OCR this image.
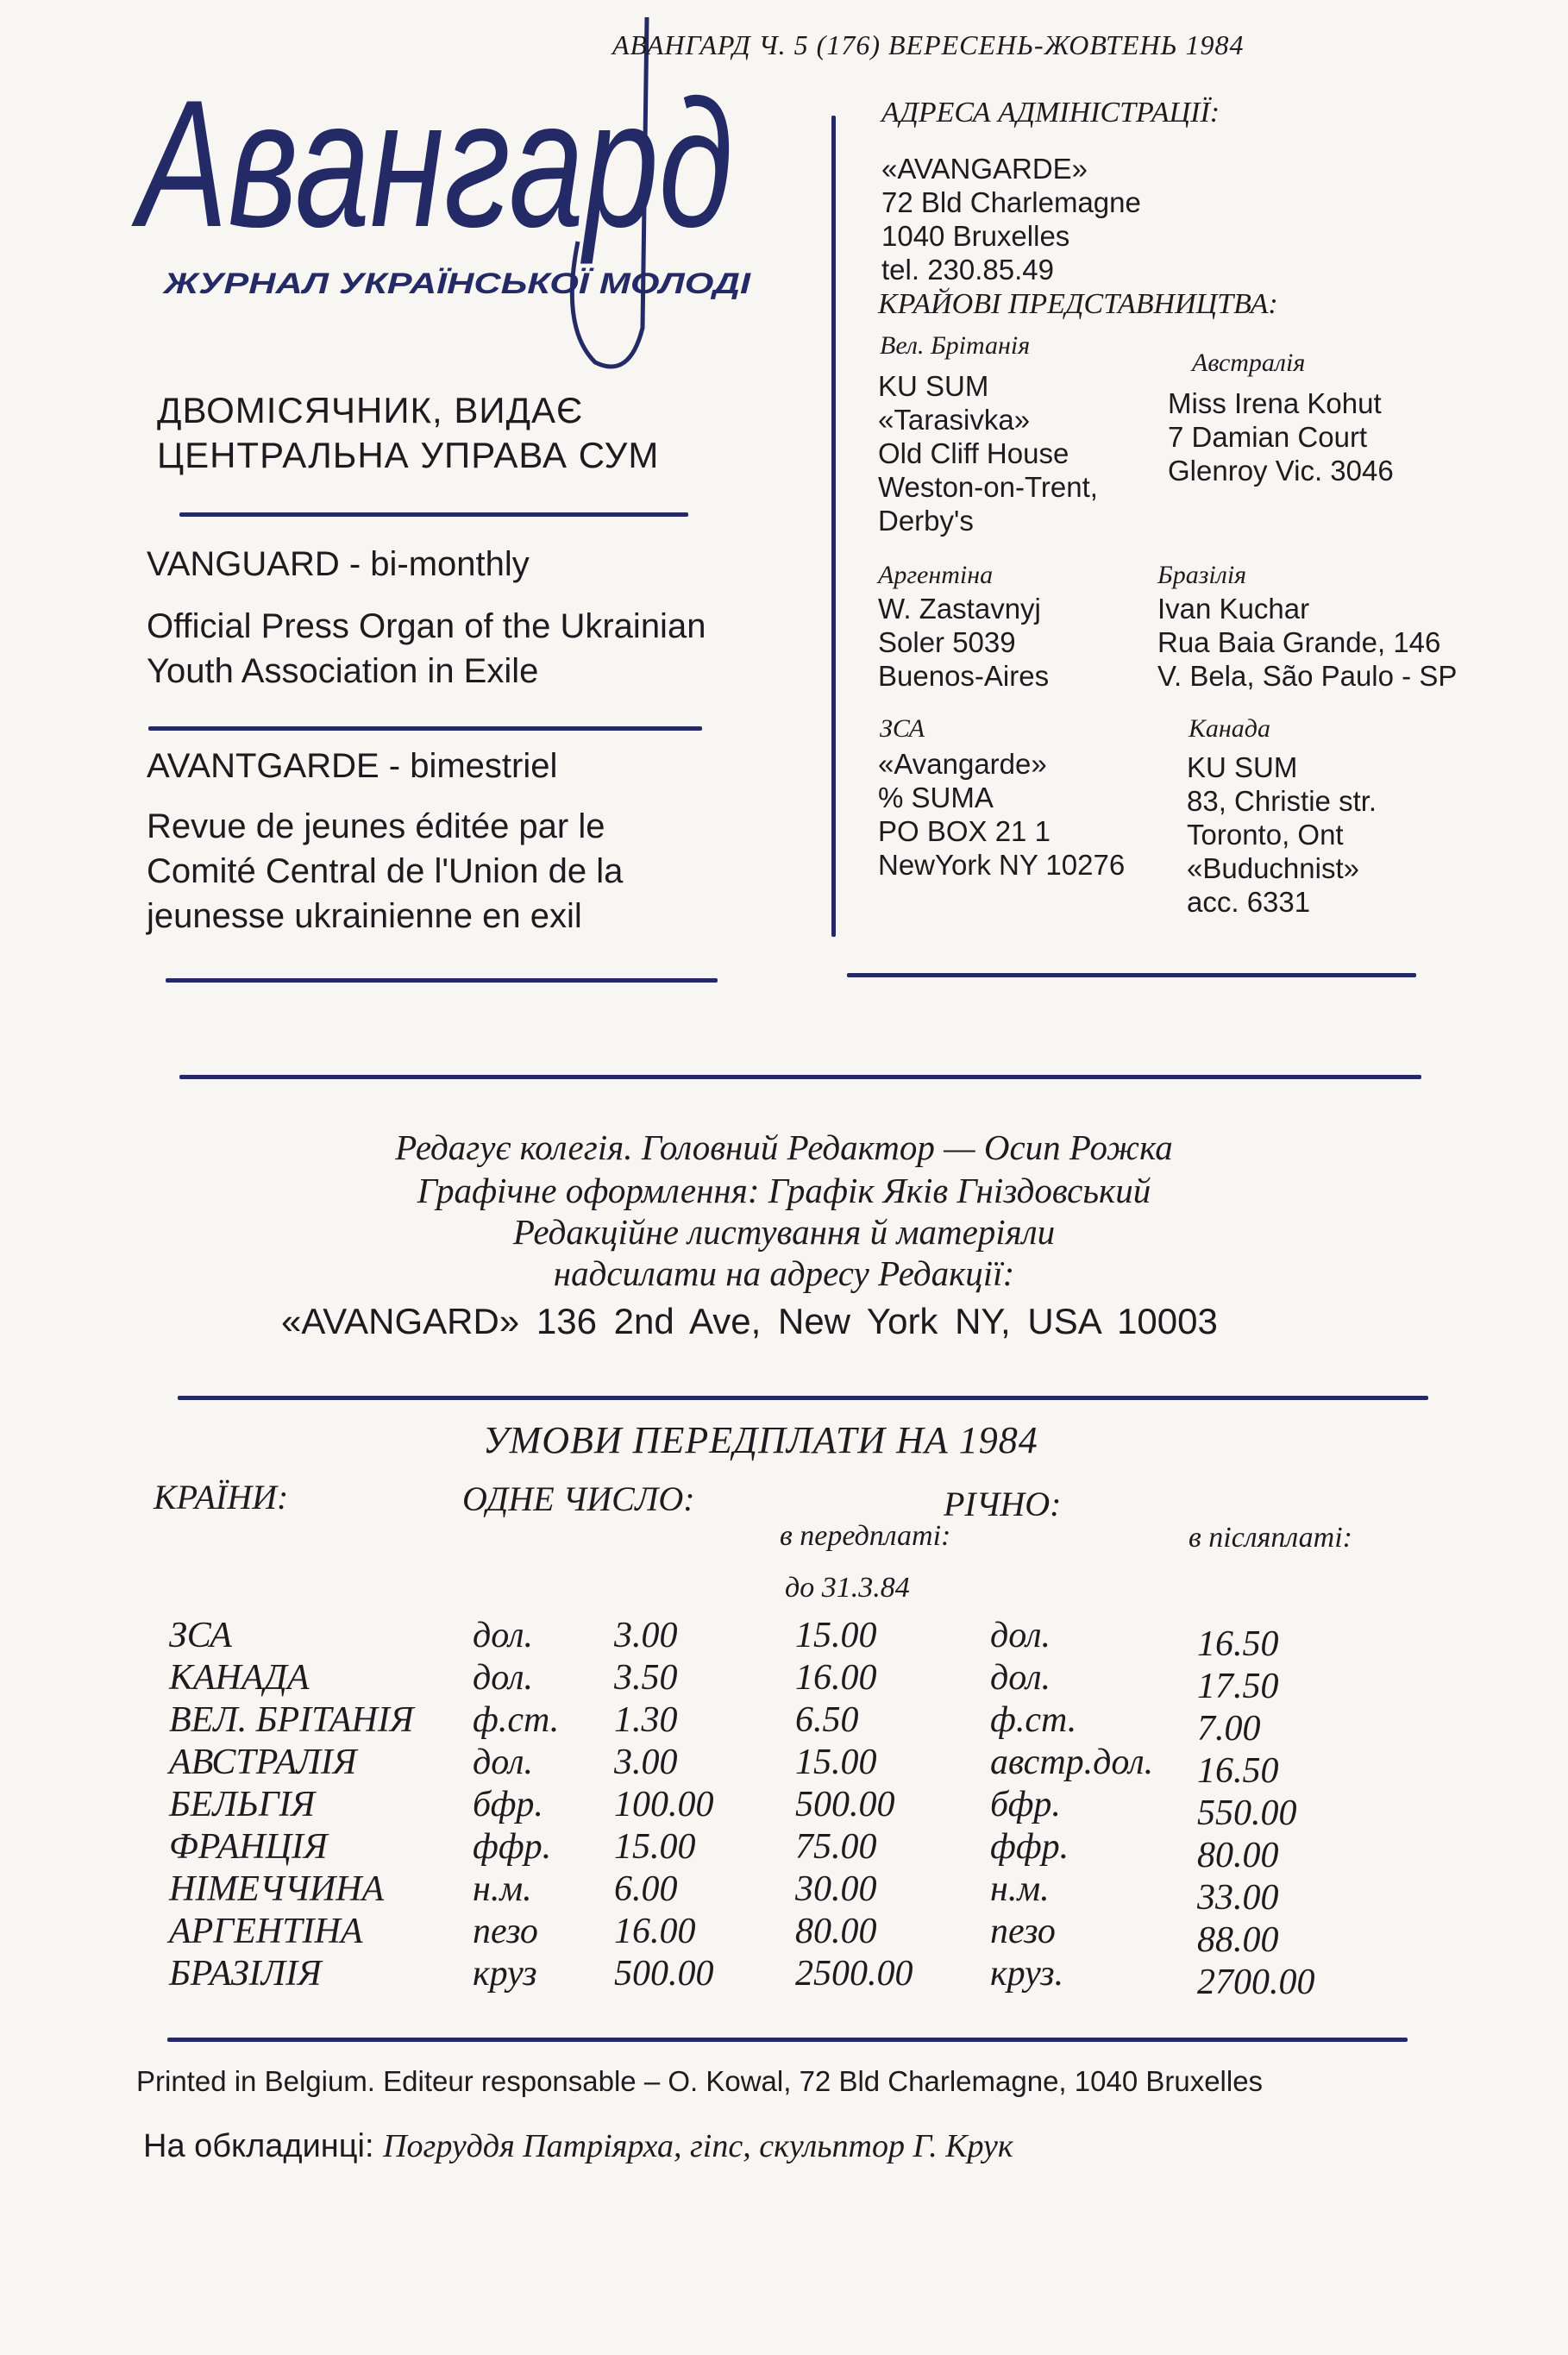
Авангард
ЖУРНАЛ УКРАЇНСЬКОЇ МОЛОДІ
АВАНГАРД Ч. 5 (176) ВЕРЕСЕНЬ-ЖОВТЕНЬ 1984
ДВОМІСЯЧНИК, ВИДАЄ
ЦЕНТРАЛЬНА УПРАВА СУМ
VANGUARD - bi-monthly
Official Press Organ of the Ukrainian
Youth Association in Exile
AVANTGARDE - bimestriel
Revue de jeunes éditée par le
Comité Central de l'Union de la
jeunesse ukrainienne en exil
АДРЕСА АДМІНІСТРАЦІЇ:
«AVANGARDE»
72 Bld Charlemagne
1040 Bruxelles
tel. 230.85.49
КРАЙОВІ ПРЕДСТАВНИЦТВА:
Вел. Брітанія
KU SUM
«Tarasivka»
Old Cliff House
Weston-on-Trent,
Derby's
Австралія
Miss Irena Kohut
7 Damian Court
Glenroy Vic. 3046
Аргентіна
W. Zastavnyj
Soler 5039
Buenos-Aires
Бразілія
Ivan Kuchar
Rua Baia Grande, 146
V. Bela, São Paulo - SP
ЗСА
«Avangarde»
% SUMA
PO BOX 21 1
NewYork NY 10276
Канада
KU SUM
83, Christie str.
Toronto, Ont
«Buduchnist»
acc. 6331
Редагує колегія. Головний Редактор — Осип Рожка
Графічне оформлення: Графік Яків Гніздовський
Редакційне листування й матеріяли
надсилати на адресу Редакції:
«AVANGARD» 136 2nd Ave, New York NY, USA 10003
УМОВИ ПЕРЕДПЛАТИ НА 1984
КРАЇНИ:	ОДНЕ ЧИСЛО:	РІЧНО:
в передплаті:	в післяплаті:
до 31.3.84
ЗСА	дол. 3.00	15.00	дол.	16.50
КАНАДА	дол. 3.50	16.00	дол.	17.50
ВЕЛ. БРІТАНІЯ ф.ст. 1.30	6.50	ф.ст.	7.00
АВСТРАЛІЯ	дол. 3.00	15.00	австр.дол. 16.50
БЕЛЬГІЯ	бфр. 100.00 500.00	бфр.	550.00
ФРАНЦІЯ	ффр. 15.00	75.00	ффр.	80.00
НІМЕЧЧИНА н.м. 6.00	30.00	н.м.	33.00
АРГЕНТІНА	пезо 16.00	80.00	пезо	88.00
БРАЗІЛІЯ	круз 500.00 2500.00 круз.	2700.00
Printed in Belgium. Editeur responsable – O. Kowal, 72 Bld Charlemagne, 1040 Bruxelles
На обкладинці: Погруддя Патріярха, гіпс, скульптор Г. Крук
